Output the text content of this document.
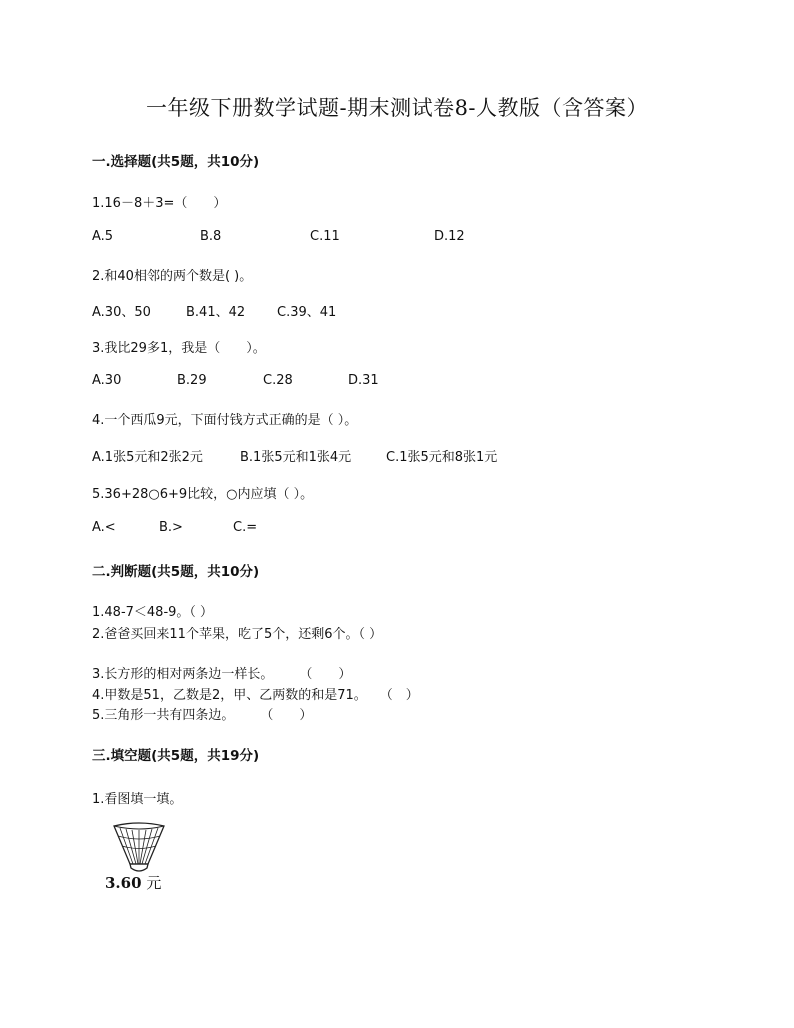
一年级下册数学试题-期末测试卷8-人教版（含答案）
一.选择题(共5题，共10分)
1.16－8＋3=（　　）
A.5	B.8	C.11	D.12
2.和40相邻的两个数是( )。
A.30、50	B.41、42 C.39、41
3.我比29多1，我是（　　）。
A.30	B.29	C.28	D.31
4.一个西瓜9元，下面付钱方式正确的是（ ）。
A.1张5元和2张2元	B.1张5元和1张4元	C.1张5元和8张1元
5.36+28○6+9比较，○内应填（ ）。
A.<	B.>	C.=
二.判断题(共5题，共10分)
1.48-7＜48-9。（ ）
2.爸爸买回来11个苹果，吃了5个，还剩6个。（ ）
3.长方形的相对两条边一样长。　　　（　　）
4.甲数是51，乙数是2，甲、乙两数的和是71。　　（　）
5.三角形一共有四条边。　　　（　　）
三.填空题(共5题，共19分)
1.看图填一填。
3.60 元
